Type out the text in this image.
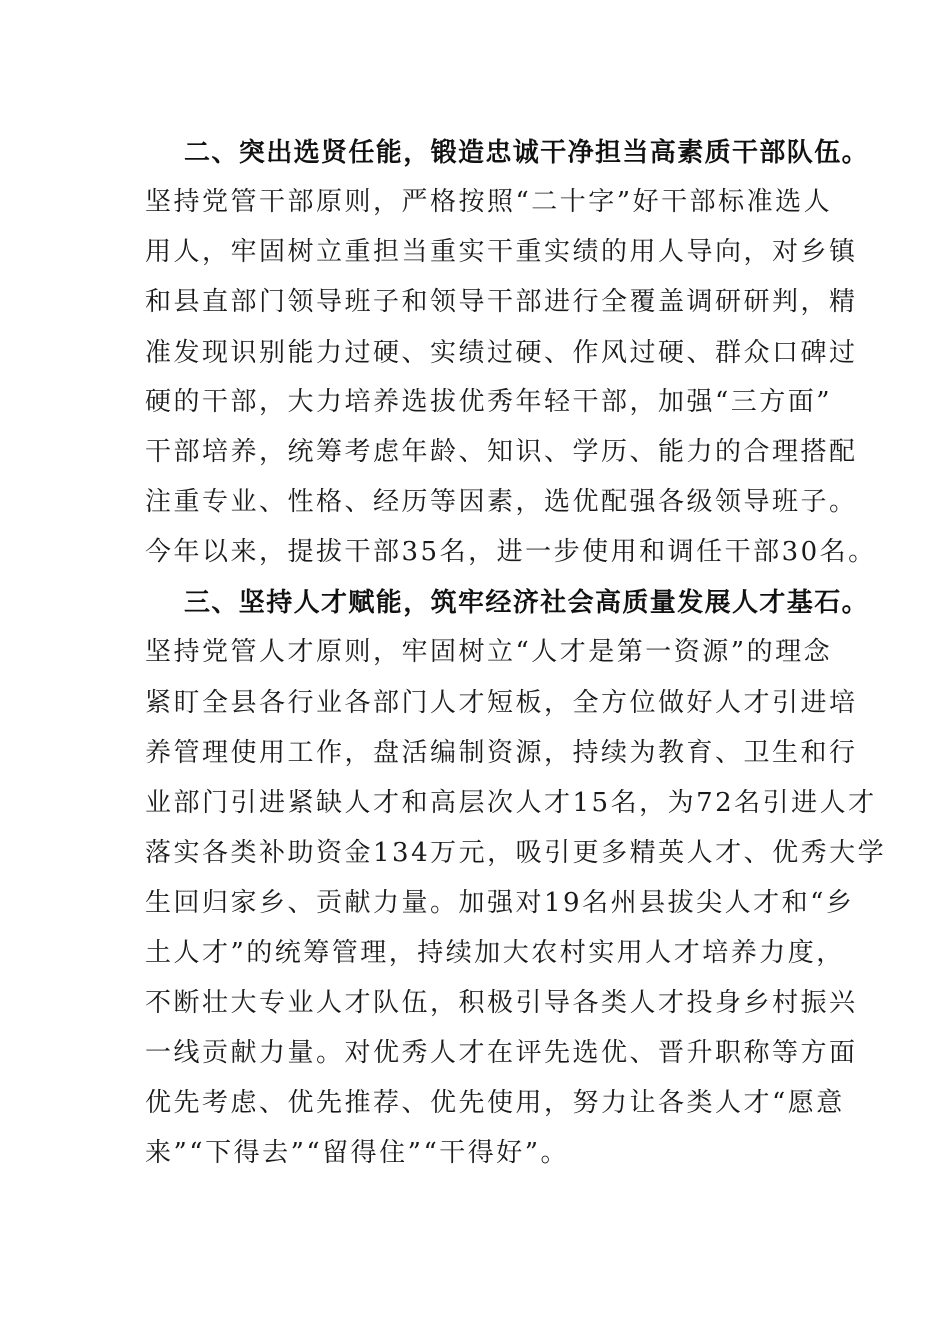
二、突出选贤任能，锻造忠诚干净担当高素质干部队伍。
坚持党管干部原则，严格按照“二十字”好干部标准选人
用人，牢固树立重担当重实干重实绩的用人导向，对乡镇
和县直部门领导班子和领导干部进行全覆盖调研研判，精
准发现识别能力过硬、实绩过硬、作风过硬、群众口碑过
硬的干部，大力培养选拔优秀年轻干部，加强“三方面”
干部培养，统筹考虑年龄、知识、学历、能力的合理搭配
注重专业、性格、经历等因素，选优配强各级领导班子。
今年以来，提拔干部35名，进一步使用和调任干部30名。
三、坚持人才赋能，筑牢经济社会高质量发展人才基石。
坚持党管人才原则，牢固树立“人才是第一资源”的理念
紧盯全县各行业各部门人才短板，全方位做好人才引进培
养管理使用工作，盘活编制资源，持续为教育、卫生和行
业部门引进紧缺人才和高层次人才15名，为72名引进人才
落实各类补助资金134万元，吸引更多精英人才、优秀大学
生回归家乡、贡献力量。加强对19名州县拔尖人才和“乡
土人才”的统筹管理，持续加大农村实用人才培养力度，
不断壮大专业人才队伍，积极引导各类人才投身乡村振兴
一线贡献力量。对优秀人才在评先选优、晋升职称等方面
优先考虑、优先推荐、优先使用，努力让各类人才“愿意
来”“下得去”“留得住”“干得好”。
